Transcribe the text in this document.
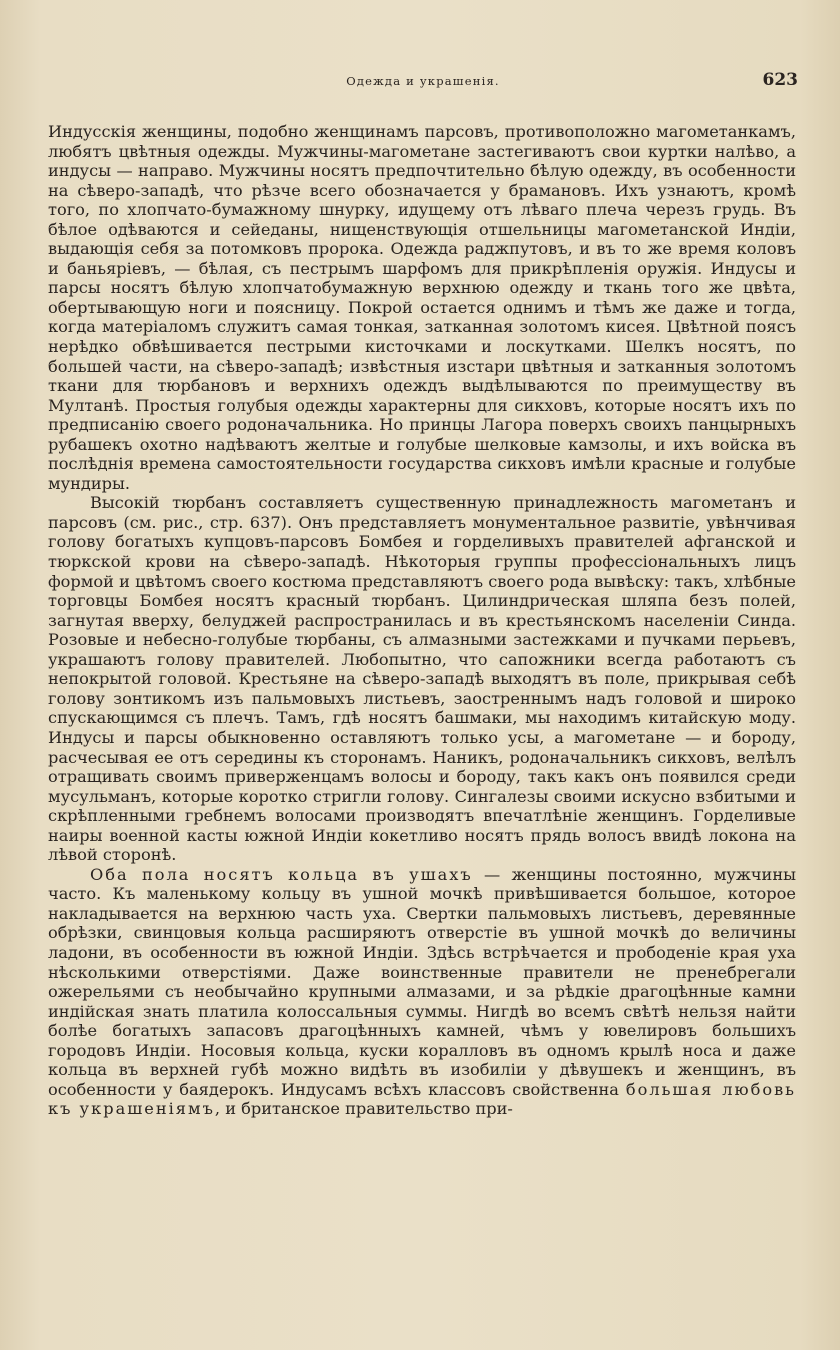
Одежда и украшенія.	623

Индусскія женщины, подобно женщинамъ парсовъ, противоположно магометанкамъ, любятъ цвѣтныя одежды. Мужчины-магометане застегиваютъ свои куртки налѣво, а индусы — направо. Мужчины носятъ предпочтительно бѣлую одежду, въ особенности на сѣверо-западѣ, что рѣзче всего обозначается у брамановъ. Ихъ узнаютъ, кромѣ того, по хлопчато-бумажному шнурку, идущему отъ лѣваго плеча черезъ грудь. Въ бѣлое одѣваются и сейеданы, нищенствующія отшельницы магометанской Индіи, выдающія себя за потомковъ пророка. Одежда раджпутовъ, и въ то же время коловъ и баньяріевъ, — бѣлая, съ пестрымъ шарфомъ для прикрѣпленія оружія. Индусы и парсы носятъ бѣлую хлопчатобумажную верхнюю одежду и ткань того же цвѣта, обертывающую ноги и поясницу. Покрой остается однимъ и тѣмъ же даже и тогда, когда матеріаломъ служитъ самая тонкая, затканная золотомъ кисея. Цвѣтной поясъ нерѣдко обвѣшивается пестрыми кисточками и лоскутками. Шелкъ носятъ, по большей части, на сѣверо-западѣ; извѣстныя изстари цвѣтныя и затканныя золотомъ ткани для тюрбановъ и верхнихъ одеждъ выдѣлываются по преимуществу въ Мултанѣ. Простыя голубыя одежды характерны для сикховъ, которые носятъ ихъ по предписанію своего родоначальника. Но принцы Лагора поверхъ своихъ панцырныхъ рубашекъ охотно надѣваютъ желтые и голубые шелковые камзолы, и ихъ войска въ послѣднія времена самостоятельности государства сикховъ имѣли красные и голубые мундиры.

Высокій тюрбанъ составляетъ существенную принадлежность магометанъ и парсовъ (см. рис., стр. 637). Онъ представляетъ монументальное развитіе, увѣнчивая голову богатыхъ купцовъ-парсовъ Бомбея и горделивыхъ правителей афганской и тюркской крови на сѣверо-западѣ. Нѣкоторыя группы профессіональныхъ лицъ формой и цвѣтомъ своего костюма представляютъ своего рода вывѣску: такъ, хлѣбные торговцы Бомбея носятъ красный тюрбанъ. Цилиндрическая шляпа безъ полей, загнутая вверху, белуджей распространилась и въ крестьянскомъ населеніи Синда. Розовые и небесно-голубые тюрбаны, съ алмазными застежками и пучками перьевъ, украшаютъ голову правителей. Любопытно, что сапожники всегда работаютъ съ непокрытой головой. Крестьяне на сѣверо-западѣ выходятъ въ поле, прикрывая себѣ голову зонтикомъ изъ пальмовыхъ листьевъ, заостреннымъ надъ головой и широко спускающимся съ плечъ. Тамъ, гдѣ носятъ башмаки, мы находимъ китайскую моду. Индусы и парсы обыкновенно оставляютъ только усы, а магометане — и бороду, расчесывая ее отъ середины къ сторонамъ. Наникъ, родоначальникъ сикховъ, велѣлъ отращивать своимъ приверженцамъ волосы и бороду, такъ какъ онъ появился среди мусульманъ, которые коротко стригли голову. Сингалезы своими искусно взбитыми и скрѣпленными гребнемъ волосами производятъ впечатлѣніе женщинъ. Горделивые наиры военной касты южной Индіи кокетливо носятъ прядь волосъ ввидѣ локона на лѣвой сторонѣ.

Оба пола носятъ кольца въ ушахъ — женщины постоянно, мужчины часто. Къ маленькому кольцу въ ушной мочкѣ привѣшивается большое, которое накладывается на верхнюю часть уха. Свертки пальмовыхъ листьевъ, деревянные обрѣзки, свинцовыя кольца расширяютъ отверстіе въ ушной мочкѣ до величины ладони, въ особенности въ южной Индіи. Здѣсь встрѣчается и прободеніе края уха нѣсколькими отверстіями. Даже воинственные правители не пренебрегали ожерельями съ необычайно крупными алмазами, и за рѣдкіе драгоцѣнные камни индійская знать платила колоссальныя суммы. Нигдѣ во всемъ свѣтѣ нельзя найти болѣе богатыхъ запасовъ драгоцѣнныхъ камней, чѣмъ у ювелировъ большихъ городовъ Индіи. Носовыя кольца, куски коралловъ въ одномъ крылѣ носа и даже кольца въ верхней губѣ можно видѣть въ изобиліи у дѣвушекъ и женщинъ, въ особенности у баядерокъ. Индусамъ всѣхъ классовъ свойственна большая любовь къ украшеніямъ, и британское правительство при-
